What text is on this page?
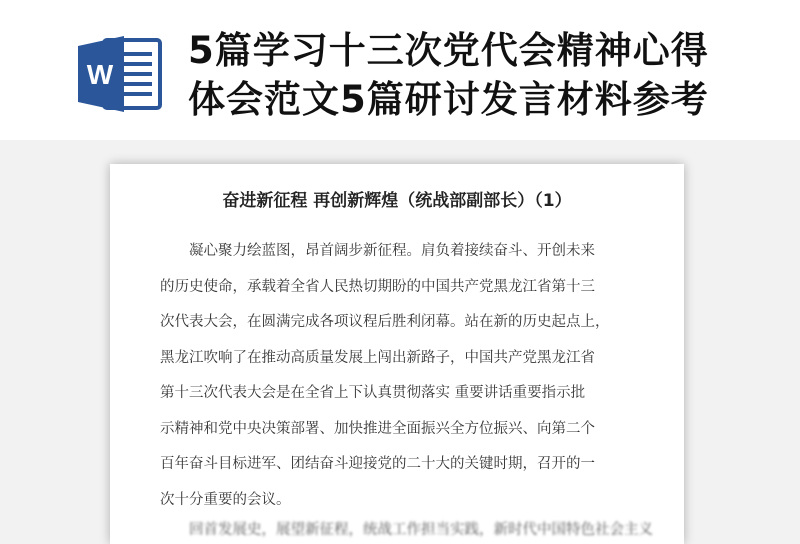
W
5篇学习十三次党代会精神心得
体会范文5篇研讨发言材料参考
奋进新征程 再创新辉煌（统战部副部长）（1）
凝心聚力绘蓝图，昂首阔步新征程。肩负着接续奋斗、开创未来
的历史使命，承载着全省人民热切期盼的中国共产党黑龙江省第十三
次代表大会，在圆满完成各项议程后胜利闭幕。站在新的历史起点上，
黑龙江吹响了在推动高质量发展上闯出新路子，中国共产党黑龙江省
第十三次代表大会是在全省上下认真贯彻落实 重要讲话重要指示批
示精神和党中央决策部署、加快推进全面振兴全方位振兴、向第二个
百年奋斗目标进军、团结奋斗迎接党的二十大的关键时期，召开的一
次十分重要的会议。
回首发展史，展望新征程，统战工作担当实践，新时代中国特色社会主义
